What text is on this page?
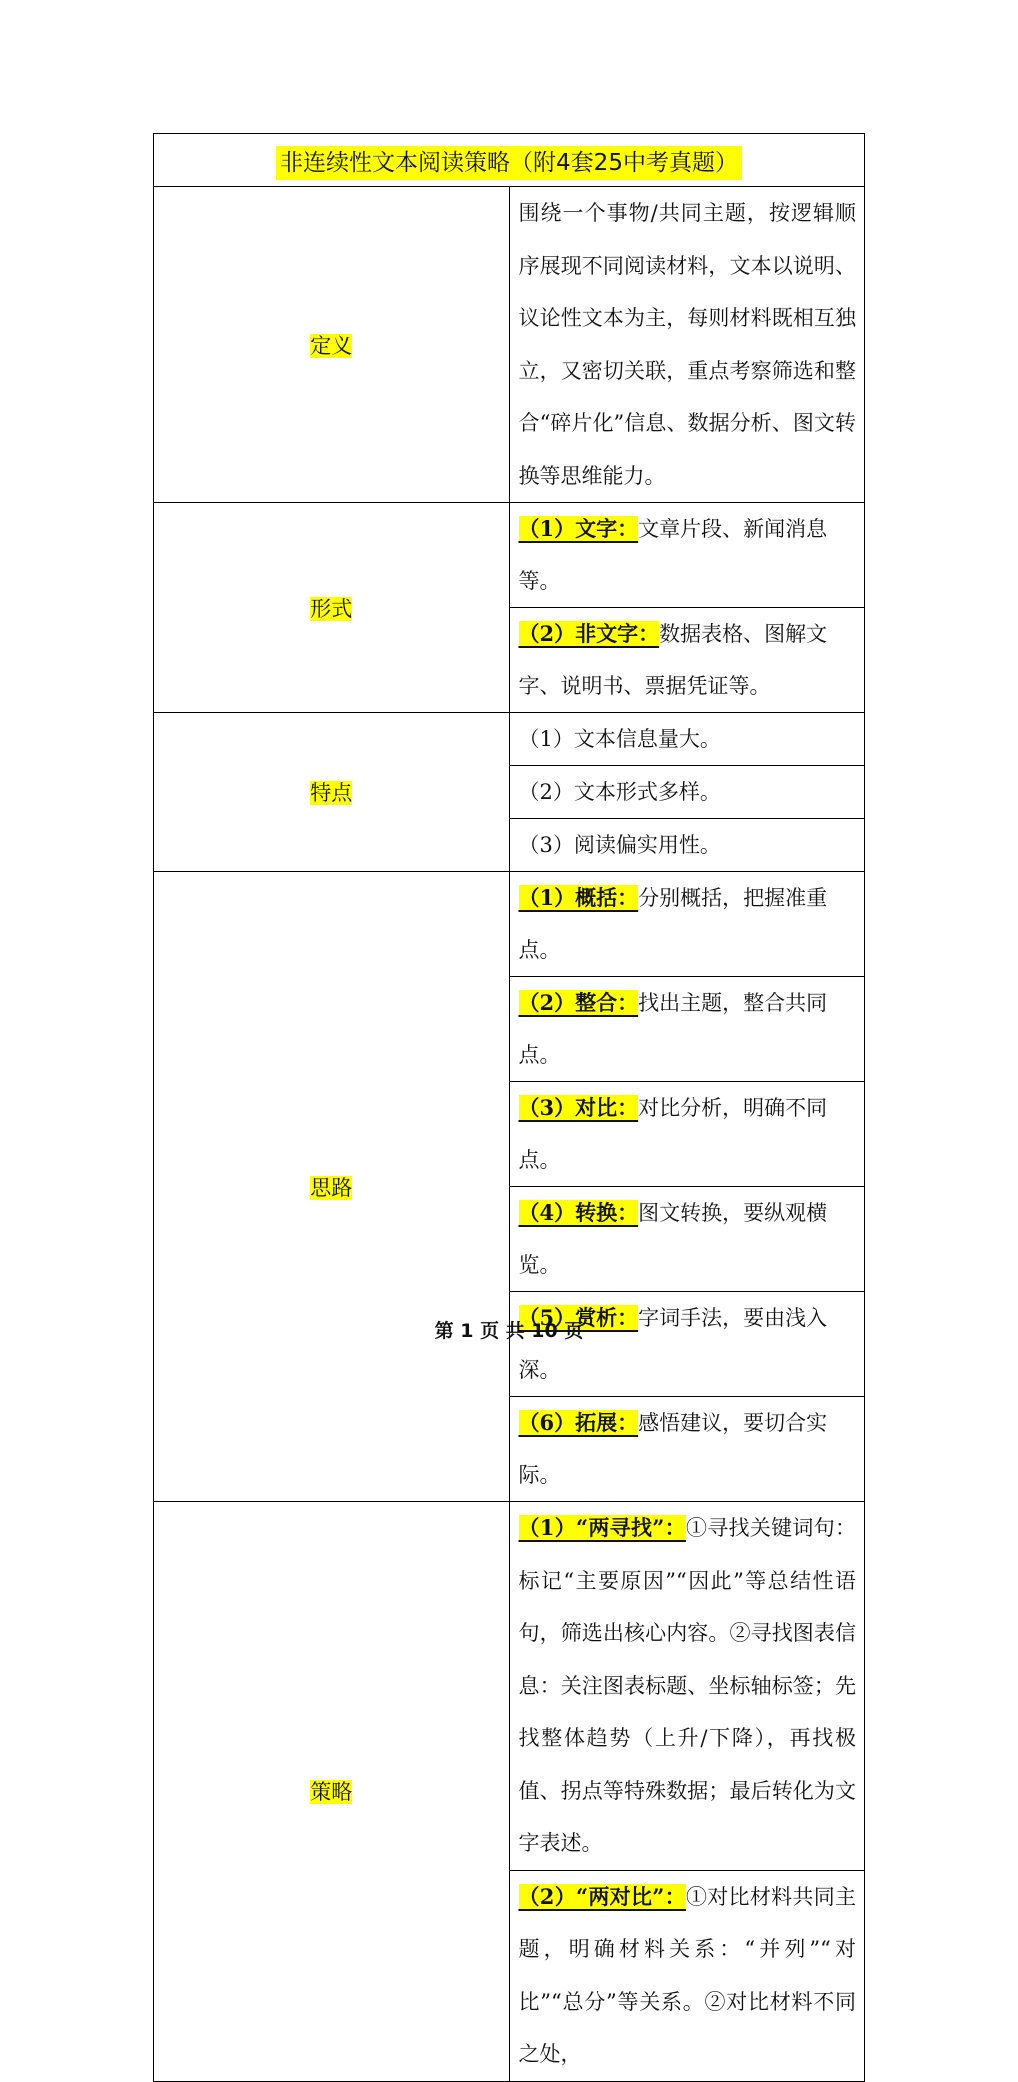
非连续性文本阅读策略（附4套25中考真题）	
定义	围绕一个事物/共同主题，按逻辑顺序展现不同阅读材料，文本以说明、议论性文本为主，每则材料既相互独立，又密切关联，重点考察筛选和整合“碎片化”信息、数据分析、图文转换等思维能力。

形式	（1）文字：文章片段、新闻消息等。

	（2）非文字：数据表格、图解文字、说明书、票据凭证等。

特点	（1）文本信息量大。

	（2）文本形式多样。

	（3）阅读偏实用性。

思路	（1）概括：分别概括，把握准重点。

	（2）整合：找出主题，整合共同点。

	（3）对比：对比分析，明确不同点。

	（4）转换：图文转换，要纵观横览。

	（5）赏析：字词手法，要由浅入深。

	（6）拓展：感悟建议，要切合实际。

策略	（1）“两寻找”：①寻找关键词句：标记“主要原因”“因此”等总结性语句，筛选出核心内容。②寻找图表信息：关注图表标题、坐标轴标签；先找整体趋势（上升/下降），再找极值、拐点等特殊数据；最后转化为文字表述。

	（2）“两对比”：①对比材料共同主题，明确材料关系：“并列”“对比”“总分”等关系。②对比材料不同之处，
第 1 页 共 10 页
